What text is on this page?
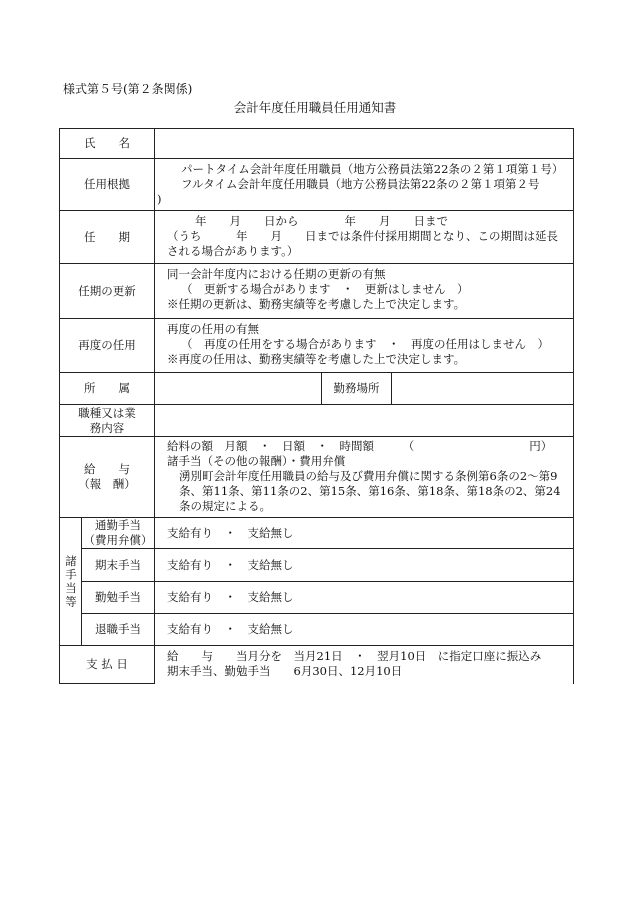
様式第５号(第２条関係)
会計年度任用職員任用通知書
氏　　名				
任用根拠		パートタイム会計年度任用職員（地方公務員法第22条の２第１項第１号）
フルタイム会計年度任用職員（地方公務員法第22条の２第１項第２号
)		

任　　期		年　　月　　日から　　　　年　　月　　日まで
（うち　　　年　　月　　日までは条件付採用期間となり、この期間は延長される場合があります。）		

任期の更新		同一会計年度内における任期の更新の有無
（　更新する場合があります　・　更新はしません　）
※任期の更新は、勤務実績等を考慮した上で決定します。		

再度の任用		再度の任用の有無
（　再度の任用をする場合があります　・　再度の任用はしません　）
※再度の任用は、勤務実績等を考慮した上で決定します。		

所　　属			勤務場所	
職種又は業務内容				

給　　与
（報　酬）		給料の額　月額　・　日額　・　時間額　　　（　　　　　　　　　　円）
諸手当（その他の報酬）・費用弁償
湧別町会計年度任用職員の給与及び費用弁償に関する条例第6条の2～第9条、第11条、第11条の2、第15条、第16条、第18条、第18条の2、第24条の規定による。		

諸手当等	通勤手当
（費用弁償）	支給有り　・　支給無し		
	期末手当	支給有り　・　支給無し		
	勤勉手当	支給有り　・　支給無し		
	退職手当	支給有り　・　支給無し		
支 払 日		給　　与　　当月分を　当月21日　・　翌月10日　に指定口座に振込み
期末手当、勤勉手当　　6月30日、12月10日		
